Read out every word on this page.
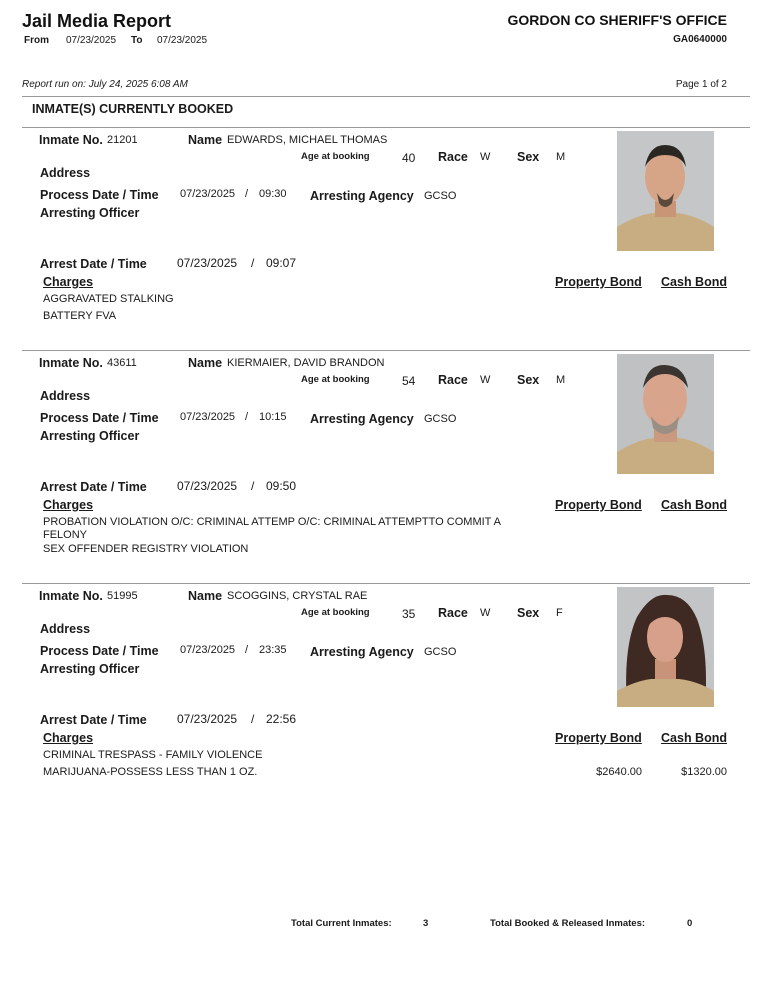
Jail Media Report
From 07/23/2025 To 07/23/2025
GORDON CO SHERIFF'S OFFICE
GA0640000
Report run on: July 24, 2025 6:08 AM	Page 1 of 2
INMATE(S) CURRENTLY BOOKED
Inmate No. 21201	Name EDWARDS, MICHAEL THOMAS
Age at booking	40 Race W Sex M
Address
Process Date / Time 07/23/2025 / 09:30 Arresting Agency GCSO
Arresting Officer
Arrest Date / Time	07/23/2025 / 09:07
Charges	Property Bond Cash Bond
AGGRAVATED STALKING
BATTERY FVA
Inmate No. 43611	Name KIERMAIER, DAVID BRANDON
Age at booking	54 Race W Sex M
Address
Process Date / Time 07/23/2025 / 10:15 Arresting Agency GCSO
Arresting Officer
Arrest Date / Time	07/23/2025 / 09:50
Charges	Property Bond Cash Bond
PROBATION VIOLATION O/C: CRIMINAL ATTEMP O/C: CRIMINAL ATTEMPTTO COMMIT A
FELONY
SEX OFFENDER REGISTRY VIOLATION
Inmate No. 51995	Name SCOGGINS, CRYSTAL RAE
Age at booking	35 Race W Sex F
Address
Process Date / Time 07/23/2025 / 23:35 Arresting Agency GCSO
Arresting Officer
Arrest Date / Time	07/23/2025 / 22:56
Charges	Property Bond Cash Bond
CRIMINAL TRESPASS - FAMILY VIOLENCE
MARIJUANA-POSSESS LESS THAN 1 OZ.	$2640.00	$1320.00
Total Current Inmates:	3	Total Booked & Released Inmates:	0
